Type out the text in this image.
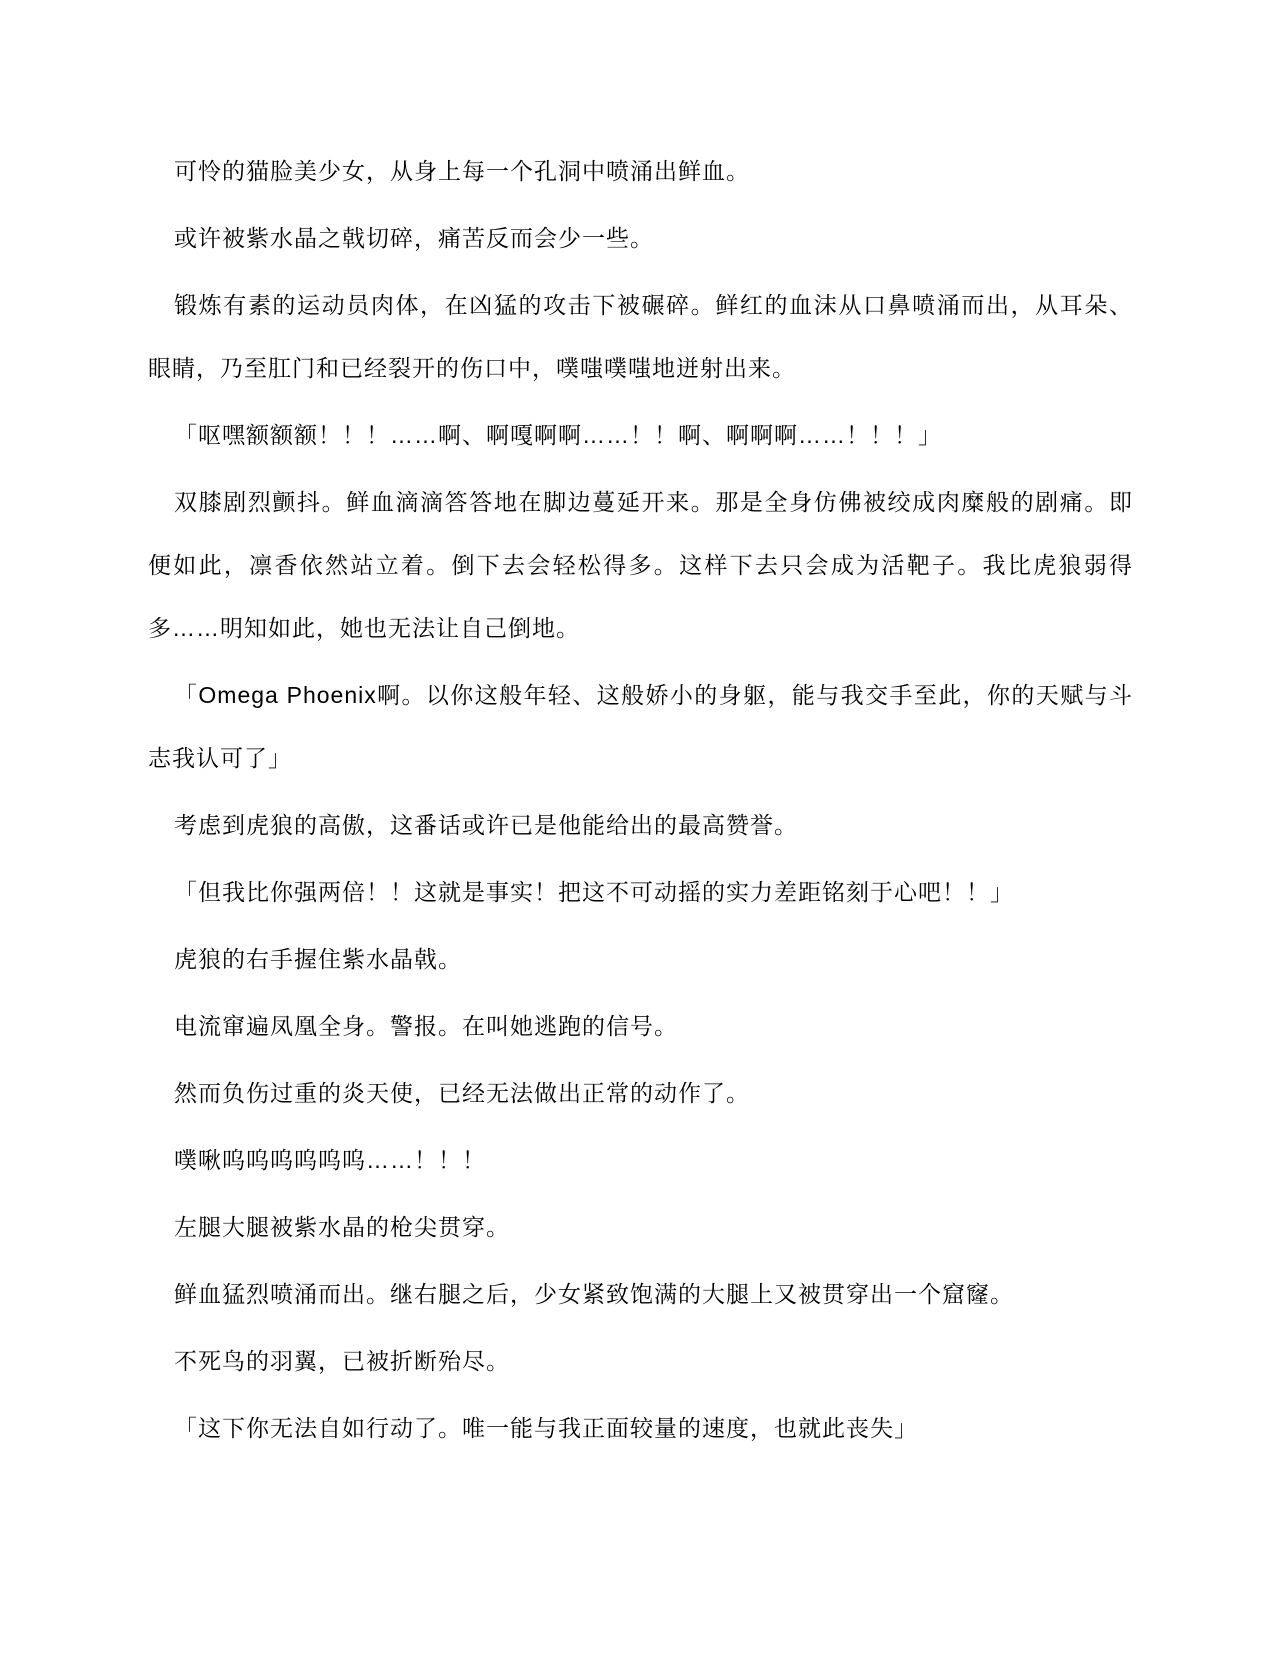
可怜的猫脸美少女，从身上每一个孔洞中喷涌出鲜血。

或许被紫水晶之戟切碎，痛苦反而会少一些。

锻炼有素的运动员肉体，在凶猛的攻击下被碾碎。鲜红的血沫从口鼻喷涌而出，从耳朵、眼睛，乃至肛门和已经裂开的伤口中，噗嗤噗嗤地迸射出来。

「呕嘿额额额！！！……啊、啊嘎啊啊……！！啊、啊啊啊……！！！」

双膝剧烈颤抖。鲜血滴滴答答地在脚边蔓延开来。那是全身仿佛被绞成肉糜般的剧痛。即便如此，凛香依然站立着。倒下去会轻松得多。这样下去只会成为活靶子。我比虎狼弱得多……明知如此，她也无法让自己倒地。

「Omega Phoenix啊。以你这般年轻、这般娇小的身躯，能与我交手至此，你的天赋与斗志我认可了」

考虑到虎狼的高傲，这番话或许已是他能给出的最高赞誉。

「但我比你强两倍！！这就是事实！把这不可动摇的实力差距铭刻于心吧！！」

虎狼的右手握住紫水晶戟。

电流窜遍凤凰全身。警报。在叫她逃跑的信号。

然而负伤过重的炎天使，已经无法做出正常的动作了。

噗啾呜呜呜呜呜呜……！！！

左腿大腿被紫水晶的枪尖贯穿。

鲜血猛烈喷涌而出。继右腿之后，少女紧致饱满的大腿上又被贯穿出一个窟窿。

不死鸟的羽翼，已被折断殆尽。

「这下你无法自如行动了。唯一能与我正面较量的速度，也就此丧失」
